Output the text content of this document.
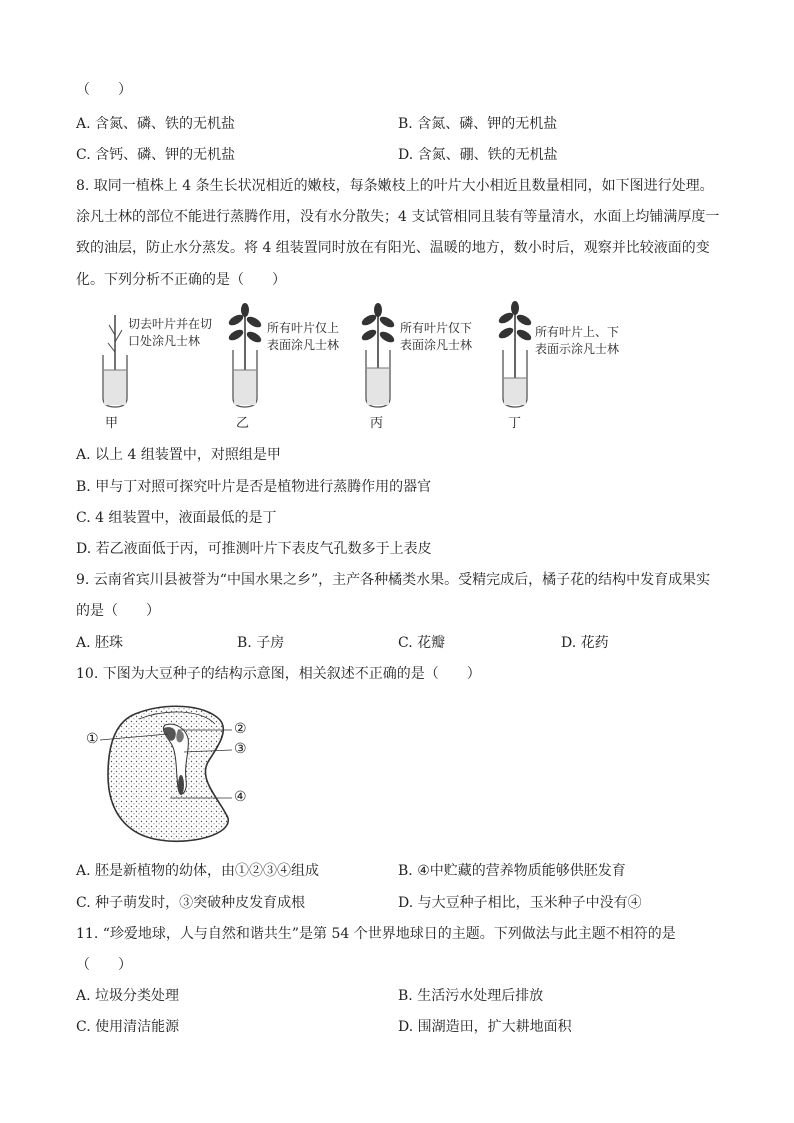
（　　）
A. 含氮、磷、铁的无机盐	B. 含氮、磷、钾的无机盐
C. 含钙、磷、钾的无机盐	D. 含氮、硼、铁的无机盐
8. 取同一植株上 4 条生长状况相近的嫩枝，每条嫩枝上的叶片大小相近且数量相同，如下图进行处理。
涂凡士林的部位不能进行蒸腾作用，没有水分散失；4 支试管相同且装有等量清水，水面上均铺满厚度一
致的油层，防止水分蒸发。将 4 组装置同时放在有阳光、温暖的地方，数小时后，观察并比较液面的变
化。下列分析不正确的是（　　）
切去叶片并在切
口处涂凡士林
甲
所有叶片仅上
表面涂凡士林
乙
所有叶片仅下
表面涂凡士林
丙
所有叶片上、下
表面示涂凡士林
丁
A. 以上 4 组装置中，对照组是甲
B. 甲与丁对照可探究叶片是否是植物进行蒸腾作用的器官
C. 4 组装置中，液面最低的是丁
D. 若乙液面低于丙，可推测叶片下表皮气孔数多于上表皮
9. 云南省宾川县被誉为“中国水果之乡”，主产各种橘类水果。受精完成后，橘子花的结构中发育成果实
的是（　　）
A. 胚珠	B. 子房	C. 花瓣	D. 花药
10. 下图为大豆种子的结构示意图，相关叙述不正确的是（　　）
①
②
③
④
A. 胚是新植物的幼体，由①②③④组成	B. ④中贮藏的营养物质能够供胚发育
C. 种子萌发时，③突破种皮发育成根	D. 与大豆种子相比，玉米种子中没有④
11. “珍爱地球，人与自然和谐共生”是第 54 个世界地球日的主题。下列做法与此主题不相符的是
（　　）
A. 垃圾分类处理	B. 生活污水处理后排放
C. 使用清洁能源	D. 围湖造田，扩大耕地面积
